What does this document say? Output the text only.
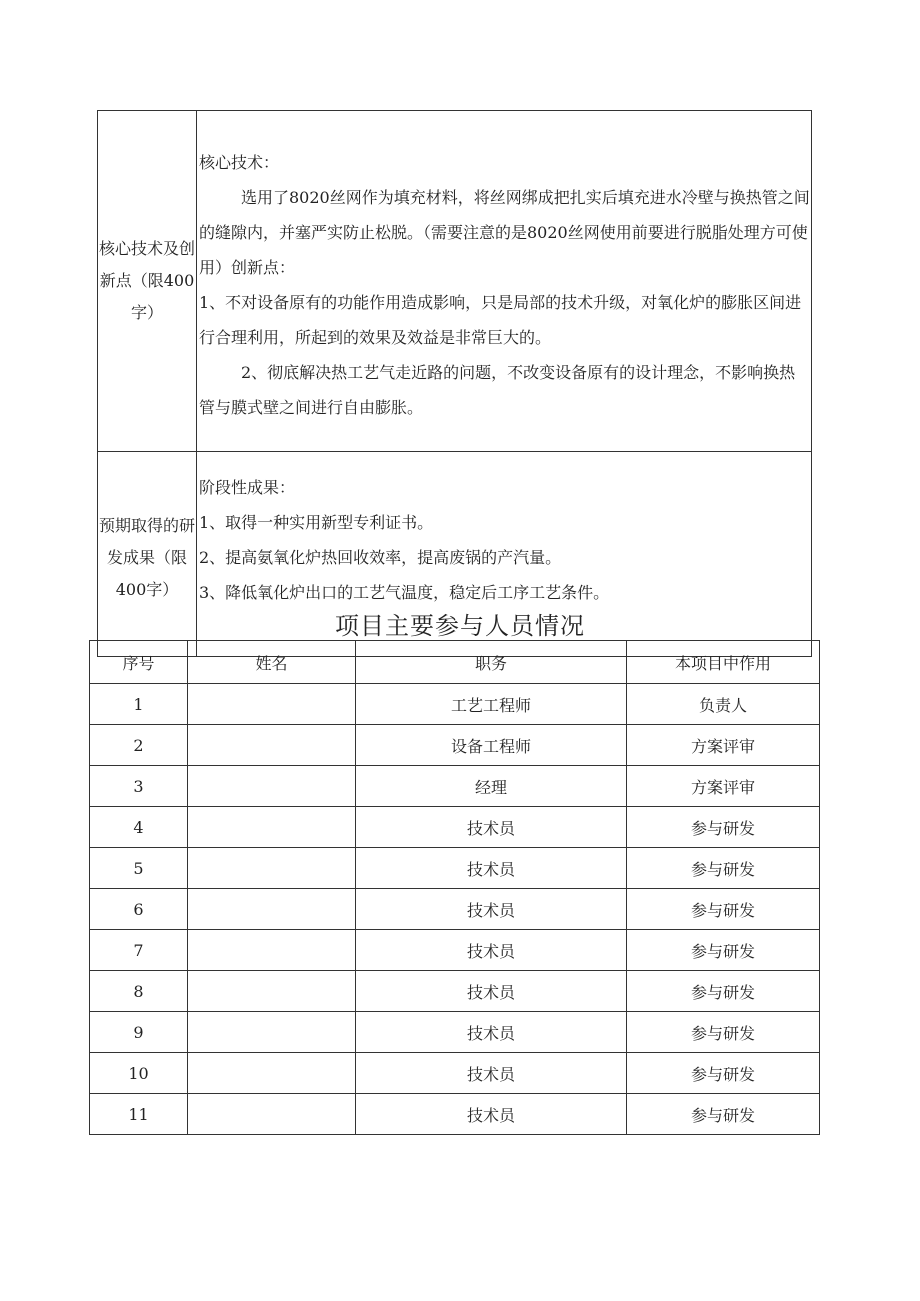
核心技术及创新点（限400字）	核心技术：

选用了8020丝网作为填充材料，将丝网绑成把扎实后填充进水冷壁与换热管之间的缝隙内，并塞严实防止松脱。（需要注意的是8020丝网使用前要进行脱脂处理方可使用）创新点：

1、不对设备原有的功能作用造成影响，只是局部的技术升级，对氧化炉的膨胀区间进行合理利用，所起到的效果及效益是非常巨大的。

2、彻底解决热工艺气走近路的问题，不改变设备原有的设计理念，不影响换热管与膜式壁之间进行自由膨胀。

预期取得的研发成果（限400字）	阶段性成果：

1、取得一种实用新型专利证书。

2、提高氨氧化炉热回收效率，提高废锅的产汽量。

3、降低氧化炉出口的工艺气温度，稳定后工序工艺条件。

项目主要参与人员情况
序号	姓名	职务	本项目中作用
1		工艺工程师	负责人
2		设备工程师	方案评审
3		经理	方案评审
4		技术员	参与研发
5		技术员	参与研发
6		技术员	参与研发
7		技术员	参与研发
8		技术员	参与研发
9		技术员	参与研发
10		技术员	参与研发
11		技术员	参与研发
